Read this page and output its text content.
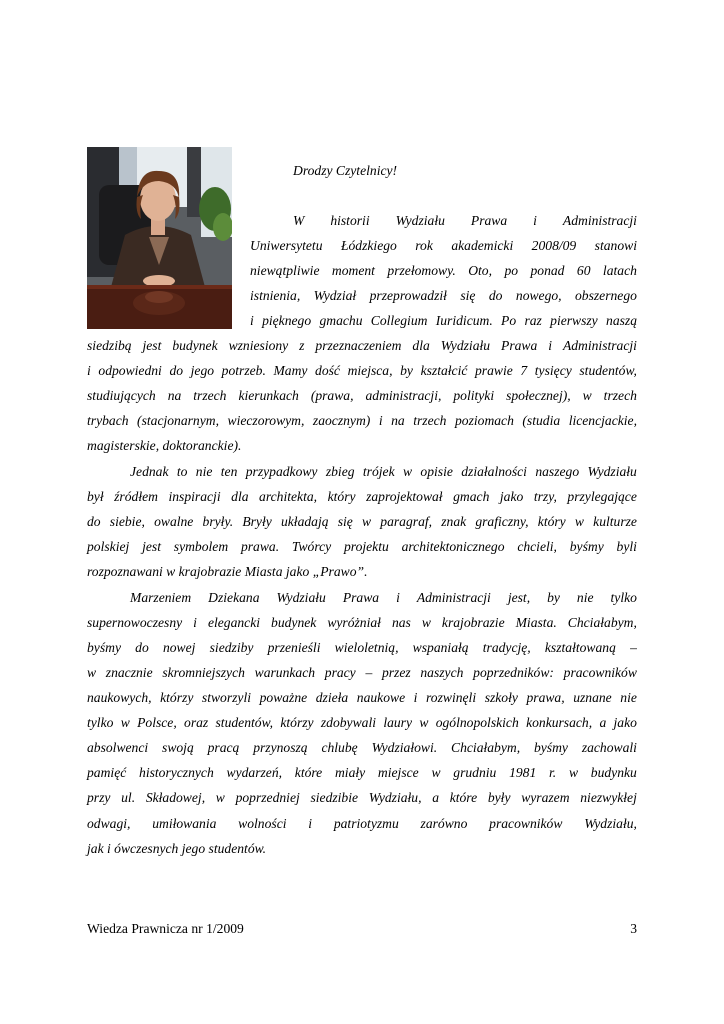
Drodzy Czytelnicy!
W historii Wydziału Prawa i Administracji
Uniwersytetu Łódzkiego rok akademicki 2008/09 stanowi
niewątpliwie moment przełomowy. Oto, po ponad 60 latach
istnienia, Wydział przeprowadził się do nowego, obszernego
i pięknego gmachu Collegium Iuridicum. Po raz pierwszy naszą
siedzibą jest budynek wzniesiony z przeznaczeniem dla Wydziału Prawa i Administracji
i odpowiedni do jego potrzeb. Mamy dość miejsca, by kształcić prawie 7 tysięcy studentów,
studiujących na trzech kierunkach (prawa, administracji, polityki społecznej), w trzech
trybach (stacjonarnym, wieczorowym, zaocznym) i na trzech poziomach (studia licencjackie,
magisterskie, doktoranckie).
Jednak to nie ten przypadkowy zbieg trójek w opisie działalności naszego Wydziału
był źródłem inspiracji dla architekta, który zaprojektował gmach jako trzy, przylegające
do siebie, owalne bryły. Bryły układają się w paragraf, znak graficzny, który w kulturze
polskiej jest symbolem prawa. Twórcy projektu architektonicznego chcieli, byśmy byli
rozpoznawani w krajobrazie Miasta jako „Prawo”.
Marzeniem Dziekana Wydziału Prawa i Administracji jest, by nie tylko
supernowoczesny i elegancki budynek wyróżniał nas w krajobrazie Miasta. Chciałabym,
byśmy do nowej siedziby przenieśli wieloletnią, wspaniałą tradycję, kształtowaną –
w znacznie skromniejszych warunkach pracy – przez naszych poprzedników: pracowników
naukowych, którzy stworzyli poważne dzieła naukowe i rozwinęli szkoły prawa, uznane nie
tylko w Polsce, oraz studentów, którzy zdobywali laury w ogólnopolskich konkursach, a jako
absolwenci swoją pracą przynoszą chlubę Wydziałowi. Chciałabym, byśmy zachowali
pamięć historycznych wydarzeń, które miały miejsce w grudniu 1981 r. w budynku
przy ul. Składowej, w poprzedniej siedzibie Wydziału, a które były wyrazem niezwykłej
odwagi, umiłowania wolności i patriotyzmu zarówno pracowników Wydziału,
jak i ówczesnych jego studentów.
Wiedza Prawnicza nr 1/2009	3
